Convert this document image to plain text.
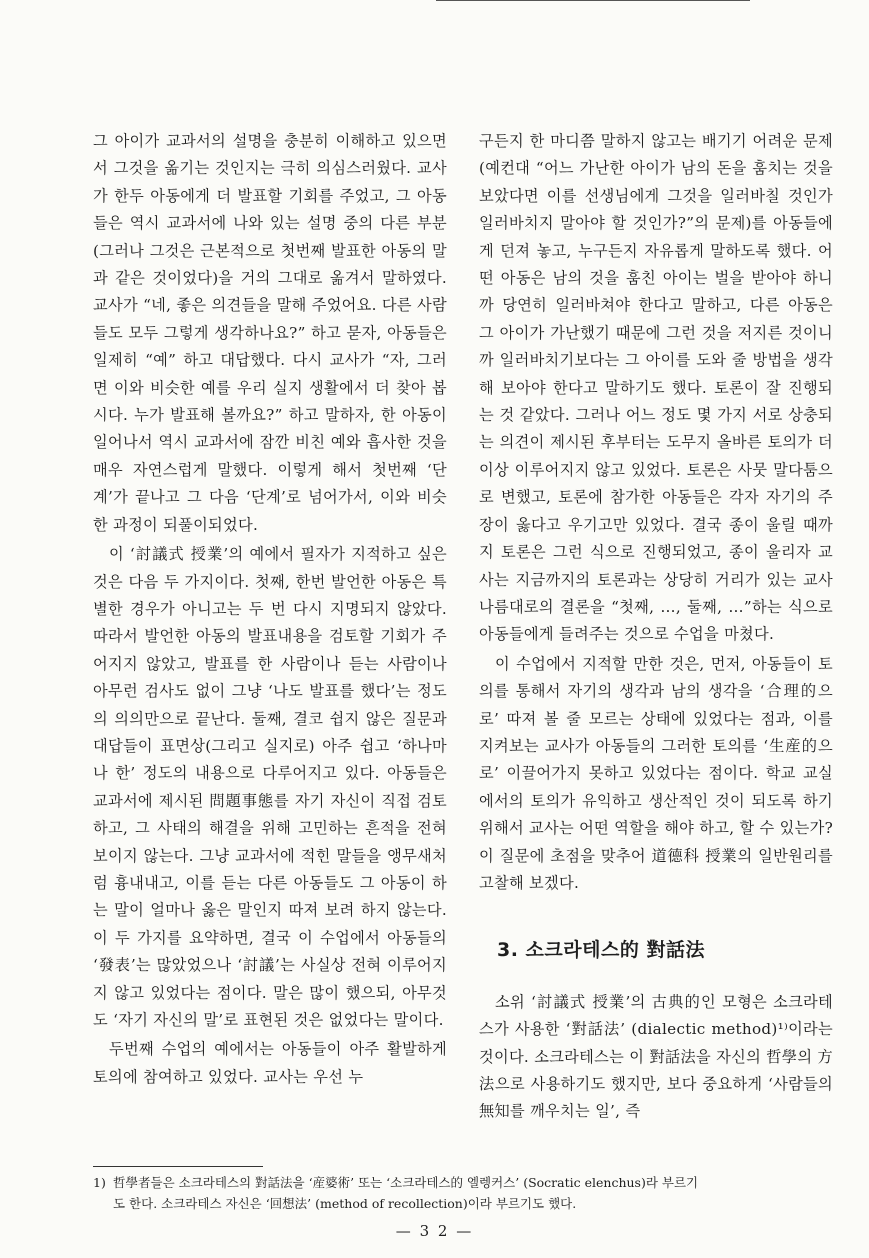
그 아이가 교과서의 설명을 충분히 이해하고 있으면서 그것을 옮기는 것인지는 극히 의심스러웠다. 교사가 한두 아동에게 더 발표할 기회를 주었고, 그 아동들은 역시 교과서에 나와 있는 설명 중의 다른 부분(그러나 그것은 근본적으로 첫번째 발표한 아동의 말과 같은 것이었다)을 거의 그대로 옮겨서 말하였다. 교사가 “네, 좋은 의견들을 말해 주었어요. 다른 사람들도 모두 그렇게 생각하나요?” 하고 묻자, 아동들은 일제히 “예” 하고 대답했다. 다시 교사가 “자, 그러면 이와 비슷한 예를 우리 실지 생활에서 더 찾아 봅시다. 누가 발표해 볼까요?” 하고 말하자, 한 아동이 일어나서 역시 교과서에 잠깐 비친 예와 흡사한 것을 매우 자연스럽게 말했다. 이렇게 해서 첫번째 ‘단계’가 끝나고 그 다음 ‘단계’로 넘어가서, 이와 비슷한 과정이 되풀이되었다.

이 ‘討議式 授業’의 예에서 필자가 지적하고 싶은 것은 다음 두 가지이다. 첫째, 한번 발언한 아동은 특별한 경우가 아니고는 두 번 다시 지명되지 않았다. 따라서 발언한 아동의 발표내용을 검토할 기회가 주어지지 않았고, 발표를 한 사람이나 듣는 사람이나 아무런 검사도 없이 그냥 ‘나도 발표를 했다’는 정도의 의의만으로 끝난다. 둘째, 결코 쉽지 않은 질문과 대답들이 표면상(그리고 실지로) 아주 쉽고 ‘하나마나 한’ 정도의 내용으로 다루어지고 있다. 아동들은 교과서에 제시된 問題事態를 자기 자신이 직접 검토하고, 그 사태의 해결을 위해 고민하는 흔적을 전혀 보이지 않는다. 그냥 교과서에 적힌 말들을 앵무새처럼 흉내내고, 이를 듣는 다른 아동들도 그 아동이 하는 말이 얼마나 옳은 말인지 따져 보려 하지 않는다. 이 두 가지를 요약하면, 결국 이 수업에서 아동들의 ‘發表’는 많았었으나 ‘討議’는 사실상 전혀 이루어지지 않고 있었다는 점이다. 말은 많이 했으되, 아무것도 ‘자기 자신의 말’로 표현된 것은 없었다는 말이다.

두번째 수업의 예에서는 아동들이 아주 활발하게 토의에 참여하고 있었다. 교사는 우선 누

구든지 한 마디쯤 말하지 않고는 배기기 어려운 문제(예컨대 “어느 가난한 아이가 남의 돈을 훔치는 것을 보았다면 이를 선생님에게 그것을 일러바칠 것인가 일러바치지 말아야 할 것인가?”의 문제)를 아동들에게 던져 놓고, 누구든지 자유롭게 말하도록 했다. 어떤 아동은 남의 것을 훔친 아이는 벌을 받아야 하니까 당연히 일러바쳐야 한다고 말하고, 다른 아동은 그 아이가 가난했기 때문에 그런 것을 저지른 것이니까 일러바치기보다는 그 아이를 도와 줄 방법을 생각해 보아야 한다고 말하기도 했다. 토론이 잘 진행되는 것 같았다. 그러나 어느 정도 몇 가지 서로 상충되는 의견이 제시된 후부터는 도무지 올바른 토의가 더 이상 이루어지지 않고 있었다. 토론은 사뭇 말다툼으로 변했고, 토론에 참가한 아동들은 각자 자기의 주장이 옳다고 우기고만 있었다. 결국 종이 울릴 때까지 토론은 그런 식으로 진행되었고, 종이 울리자 교사는 지금까지의 토론과는 상당히 거리가 있는 교사 나름대로의 결론을 “첫째, …, 둘째, …”하는 식으로 아동들에게 들려주는 것으로 수업을 마쳤다.

이 수업에서 지적할 만한 것은, 먼저, 아동들이 토의를 통해서 자기의 생각과 남의 생각을 ‘合理的으로’ 따져 볼 줄 모르는 상태에 있었다는 점과, 이를 지켜보는 교사가 아동들의 그러한 토의를 ‘生産的으로’ 이끌어가지 못하고 있었다는 점이다. 학교 교실에서의 토의가 유익하고 생산적인 것이 되도록 하기 위해서 교사는 어떤 역할을 해야 하고, 할 수 있는가? 이 질문에 초점을 맞추어 道德科 授業의 일반원리를 고찰해 보겠다.

3. 소크라테스的 對話法

소위 ‘討議式 授業’의 古典的인 모형은 소크라테스가 사용한 ‘對話法’ (dialectic method)¹⁾이라는 것이다. 소크라테스는 이 對話法을 자신의 哲學의 方法으로 사용하기도 했지만, 보다 중요하게 ‘사람들의 無知를 깨우치는 일’, 즉

1) 哲學者들은 소크라테스의 對話法을 ‘産婆術’ 또는 ‘소크라테스的 엘렝커스’ (Socratic elenchus)라 부르기
도 한다. 소크라테스 자신은 ‘回想法’ (method of recollection)이라 부르기도 했다.
— 3 2 —
